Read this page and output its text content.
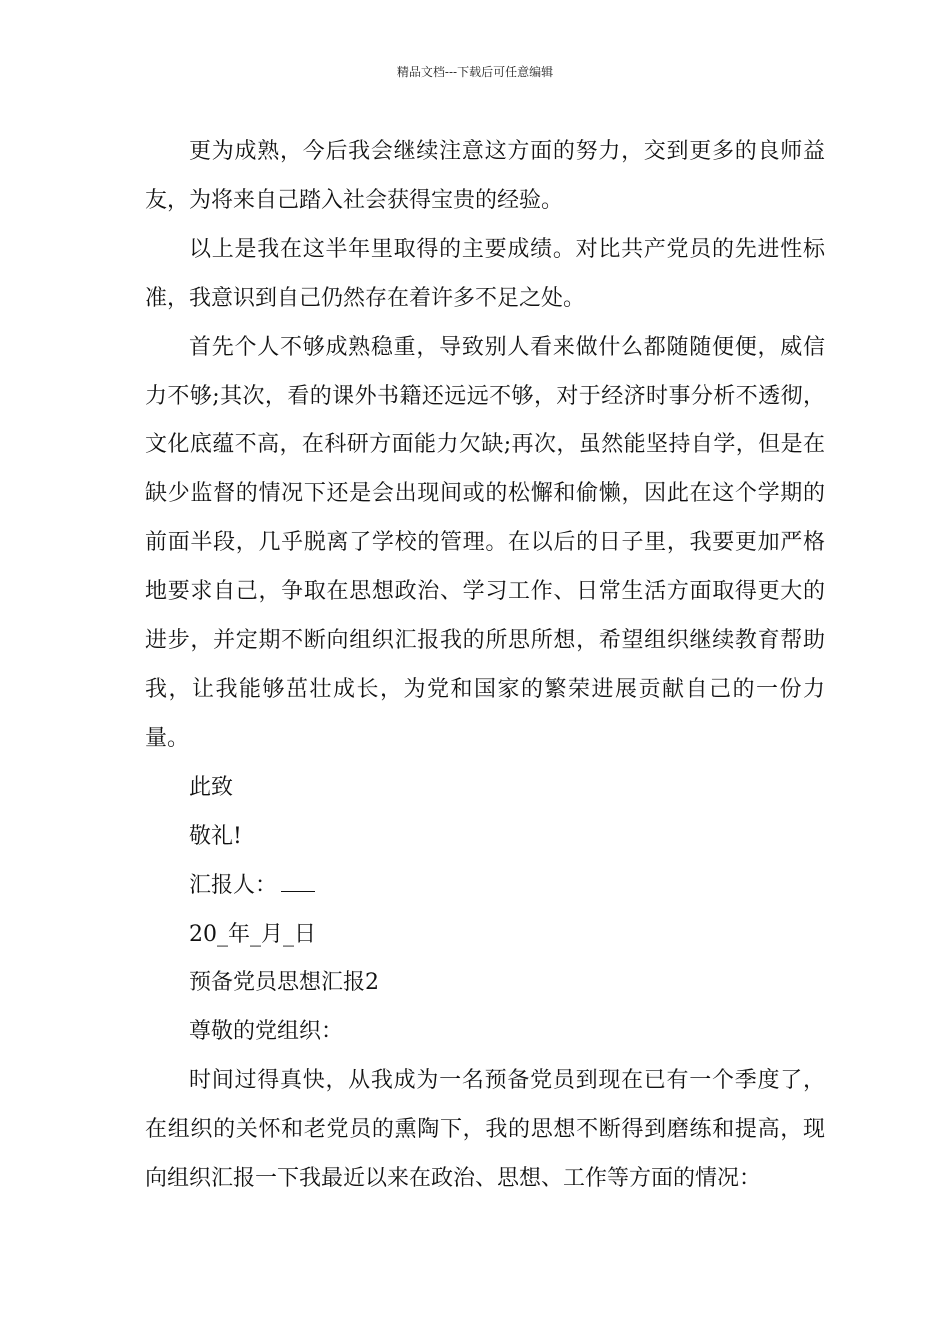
精品文档---下载后可任意编辑

更为成熟，今后我会继续注意这方面的努力，交到更多的良师益友，为将来自己踏入社会获得宝贵的经验。

以上是我在这半年里取得的主要成绩。对比共产党员的先进性标准，我意识到自己仍然存在着许多不足之处。

首先个人不够成熟稳重，导致别人看来做什么都随随便便，威信力不够;其次，看的课外书籍还远远不够，对于经济时事分析不透彻，文化底蕴不高，在科研方面能力欠缺;再次，虽然能坚持自学，但是在缺少监督的情况下还是会出现间或的松懈和偷懒，因此在这个学期的前面半段，几乎脱离了学校的管理。在以后的日子里，我要更加严格地要求自己，争取在思想政治、学习工作、日常生活方面取得更大的进步，并定期不断向组织汇报我的所思所想，希望组织继续教育帮助我，让我能够茁壮成长，为党和国家的繁荣进展贡献自己的一份力量。

此致

敬礼!

汇报人：

20_年_月_日

预备党员思想汇报2

尊敬的党组织：

时间过得真快，从我成为一名预备党员到现在已有一个季度了，在组织的关怀和老党员的熏陶下，我的思想不断得到磨练和提高，现向组织汇报一下我最近以来在政治、思想、工作等方面的情况：
